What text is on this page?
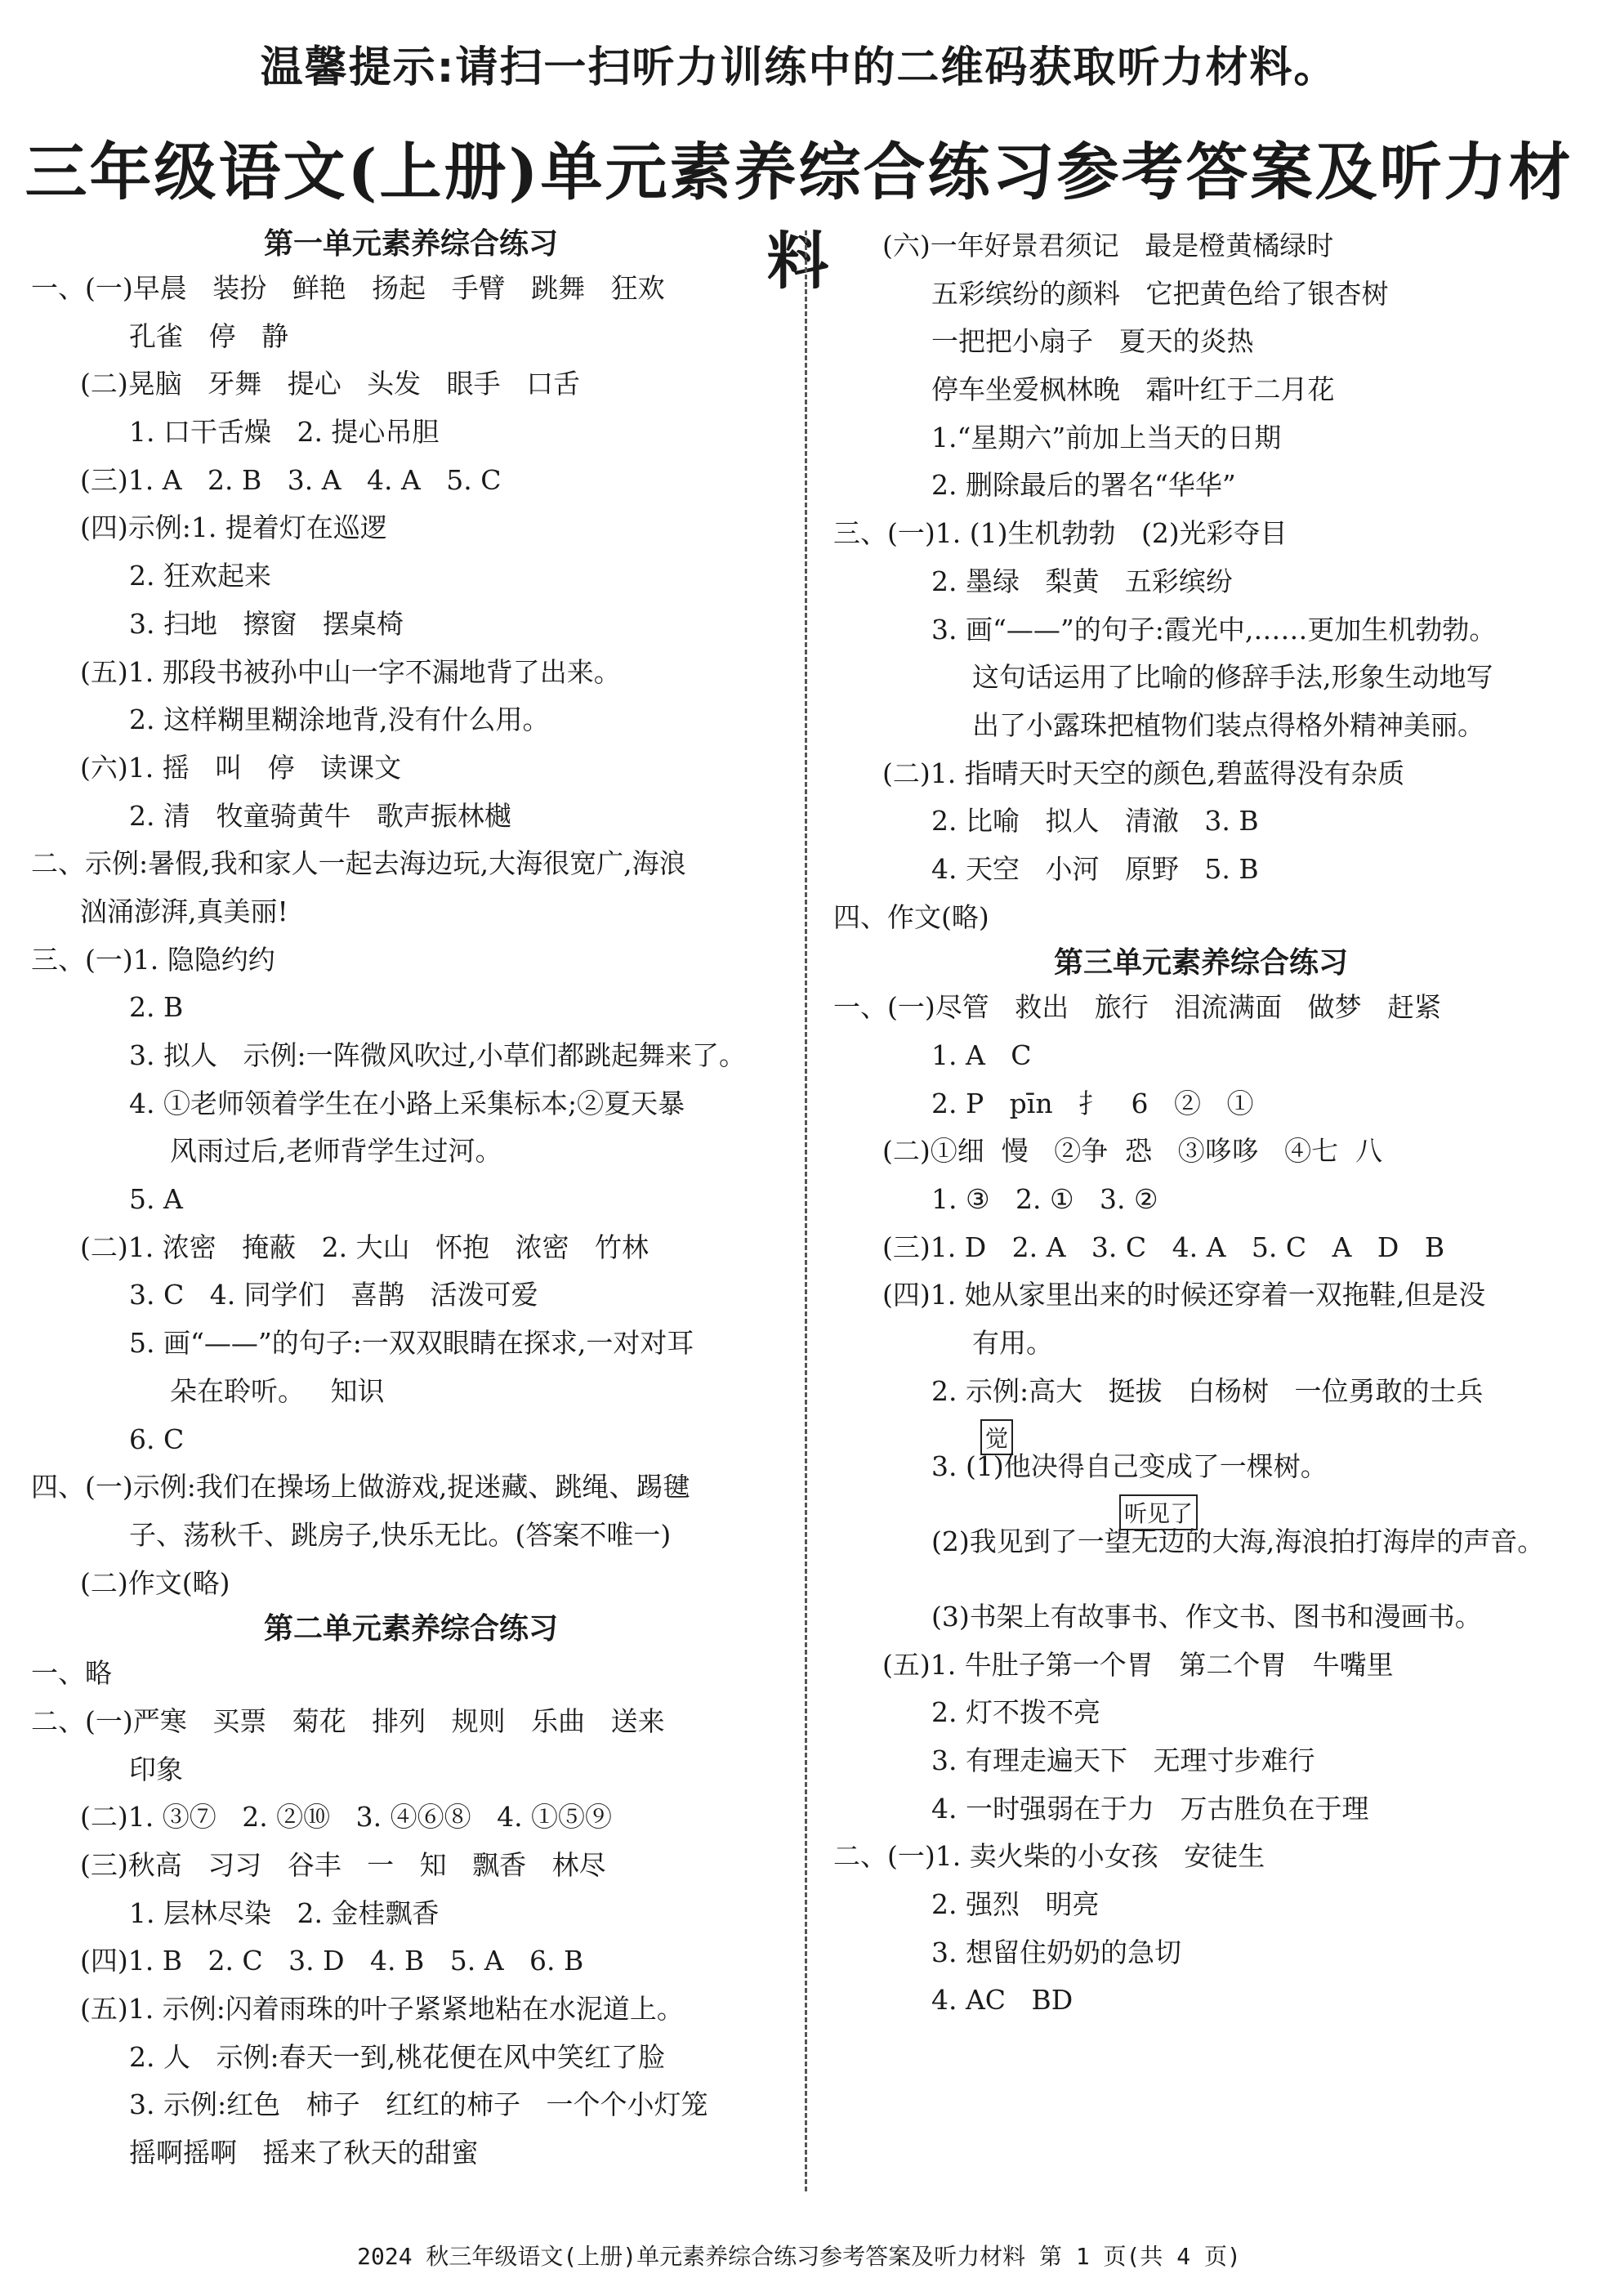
温馨提示:请扫一扫听力训练中的二维码获取听力材料。
三年级语文(上册)单元素养综合练习参考答案及听力材料
第一单元素养综合练习
一、(一)早晨   装扮   鲜艳   扬起   手臂   跳舞   狂欢
孔雀   停   静
(二)晃脑   牙舞   提心   头发   眼手   口舌
1. 口干舌燥   2. 提心吊胆
(三)1. A   2. B   3. A   4. A   5. C
(四)示例:1. 提着灯在巡逻
2. 狂欢起来
3. 扫地   擦窗   摆桌椅
(五)1. 那段书被孙中山一字不漏地背了出来。
2. 这样糊里糊涂地背,没有什么用。
(六)1. 摇   叫   停   读课文
2. 清   牧童骑黄牛   歌声振林樾
二、示例:暑假,我和家人一起去海边玩,大海很宽广,海浪
汹涌澎湃,真美丽!
三、(一)1. 隐隐约约
2. B
3. 拟人   示例:一阵微风吹过,小草们都跳起舞来了。
4. ①老师领着学生在小路上采集标本;②夏天暴
风雨过后,老师背学生过河。
5. A
(二)1. 浓密   掩蔽   2. 大山   怀抱   浓密   竹林
3. C   4. 同学们   喜鹊   活泼可爱
5. 画“——”的句子:一双双眼睛在探求,一对对耳
朵在聆听。   知识
6. C
四、(一)示例:我们在操场上做游戏,捉迷藏、跳绳、踢毽
子、荡秋千、跳房子,快乐无比。(答案不唯一)
(二)作文(略)
第二单元素养综合练习
一、略
二、(一)严寒   买票   菊花   排列   规则   乐曲   送来
印象
(二)1. ③⑦   2. ②⑩   3. ④⑥⑧   4. ①⑤⑨
(三)秋高   习习   谷丰   一   知   飘香   林尽
1. 层林尽染   2. 金桂飘香
(四)1. B   2. C   3. D   4. B   5. A   6. B
(五)1. 示例:闪着雨珠的叶子紧紧地粘在水泥道上。
2. 人   示例:春天一到,桃花便在风中笑红了脸
3. 示例:红色   柿子   红红的柿子   一个个小灯笼
摇啊摇啊   摇来了秋天的甜蜜
(六)一年好景君须记   最是橙黄橘绿时
五彩缤纷的颜料   它把黄色给了银杏树
一把把小扇子   夏天的炎热
停车坐爱枫林晚   霜叶红于二月花
1.“星期六”前加上当天的日期
2. 删除最后的署名“华华”
三、(一)1. (1)生机勃勃   (2)光彩夺目
2. 墨绿   梨黄   五彩缤纷
3. 画“——”的句子:霞光中,……更加生机勃勃。
这句话运用了比喻的修辞手法,形象生动地写
出了小露珠把植物们装点得格外精神美丽。
(二)1. 指晴天时天空的颜色,碧蓝得没有杂质
2. 比喻   拟人   清澈   3. B
4. 天空   小河   原野   5. B
四、作文(略)
第三单元素养综合练习
一、(一)尽管   救出   旅行   泪流满面   做梦   赶紧
1. A   C
2. P   pīn   扌   6   ②   ①
(二)①细  慢   ②争  恐   ③哆哆   ④七  八
1. ③   2. ①   3. ②
(三)1. D   2. A   3. C   4. A   5. C   A   D   B
(四)1. 她从家里出来的时候还穿着一双拖鞋,但是没
有用。
2. 示例:高大   挺拔   白杨树   一位勇敢的士兵
觉
3. (1)他决得自己变成了一棵树。
听见了
(2)我见到了一望无边的大海,海浪拍打海岸的声音。
(3)书架上有故事书、作文书、图书和漫画书。
(五)1. 牛肚子第一个胃   第二个胃   牛嘴里
2. 灯不拨不亮
3. 有理走遍天下   无理寸步难行
4. 一时强弱在于力   万古胜负在于理
二、(一)1. 卖火柴的小女孩   安徒生
2. 强烈   明亮
3. 想留住奶奶的急切
4. AC   BD
2024 秋三年级语文(上册)单元素养综合练习参考答案及听力材料 第 1 页(共 4 页)
